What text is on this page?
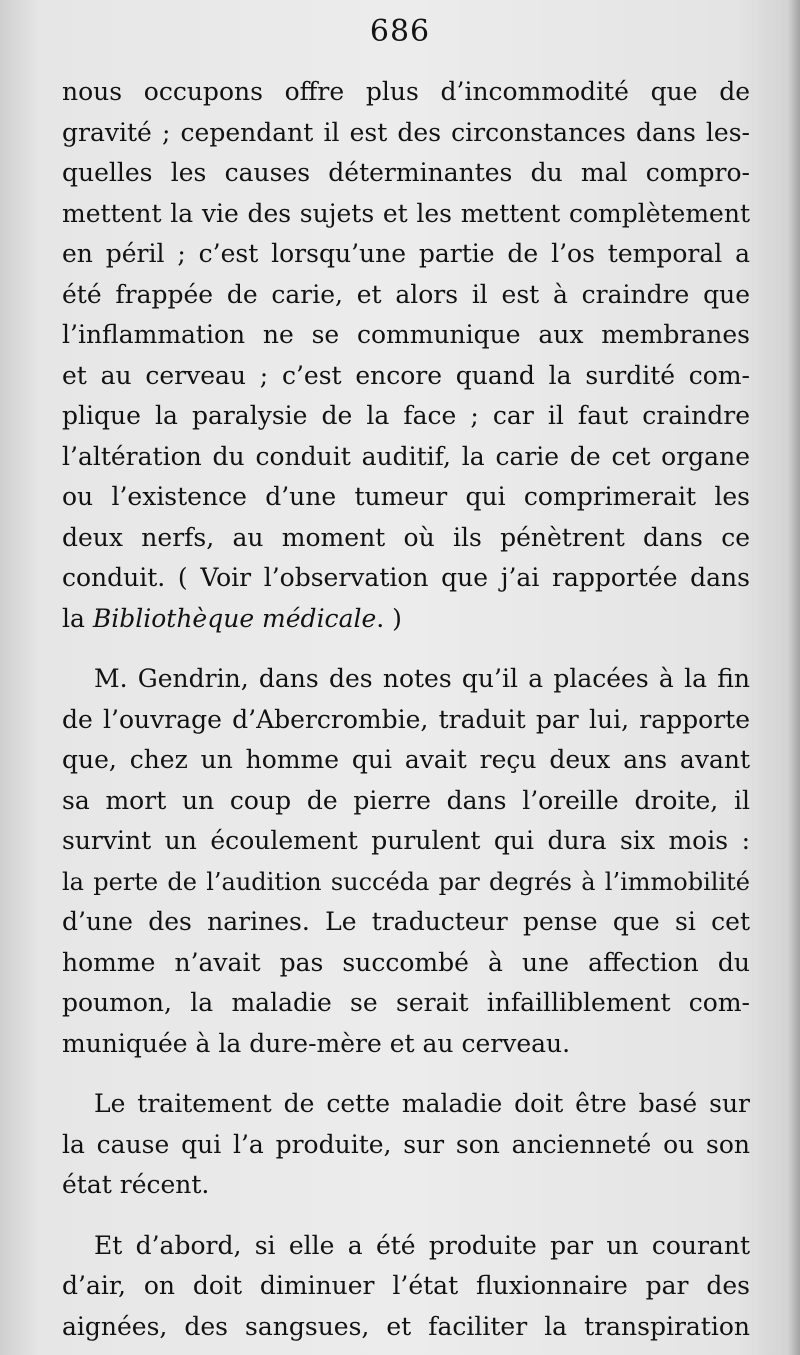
686
nous occupons offre plus d’incommodité que de
gravité ; cependant il est des circonstances dans les-
quelles les causes déterminantes du mal compro-
mettent la vie des sujets et les mettent complètement
en péril ; c’est lorsqu’une partie de l’os temporal a
été frappée de carie, et alors il est à craindre que
l’inflammation ne se communique aux membranes
et au cerveau ; c’est encore quand la surdité com-
plique la paralysie de la face ; car il faut craindre
l’altération du conduit auditif, la carie de cet organe
ou l’existence d’une tumeur qui comprimerait les
deux nerfs, au moment où ils pénètrent dans ce
conduit. ( Voir l’observation que j’ai rapportée dans
la Bibliothèque médicale. )
M. Gendrin, dans des notes qu’il a placées à la fin
de l’ouvrage d’Abercrombie, traduit par lui, rapporte
que, chez un homme qui avait reçu deux ans avant
sa mort un coup de pierre dans l’oreille droite, il
survint un écoulement purulent qui dura six mois :
la perte de l’audition succéda par degrés à l’immobilité
d’une des narines. Le traducteur pense que si cet
homme n’avait pas succombé à une affection du
poumon, la maladie se serait infailliblement com-
muniquée à la dure-mère et au cerveau.
Le traitement de cette maladie doit être basé sur
la cause qui l’a produite, sur son ancienneté ou son
état récent.
Et d’abord, si elle a été produite par un courant
d’air, on doit diminuer l’état fluxionnaire par des
aignées, des sangsues, et faciliter la transpiration
